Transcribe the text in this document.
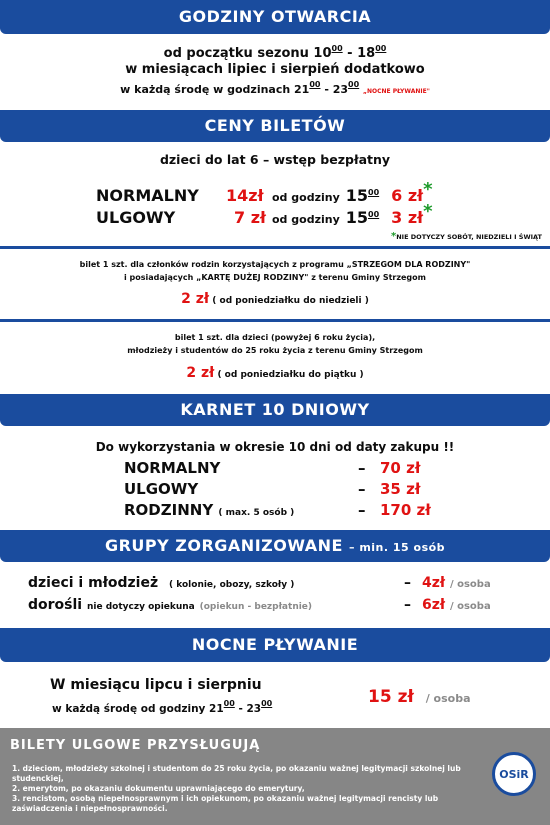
GODZINY OTWARCIA
od początku sezonu $10^{00} - 18^{00}$
w miesiącach lipiec i sierpień dodatkowo
w każdą środę w godzinach $21^{00} - 23^{00}$ „NOCNE PŁYWANIE"
CENY BILETÓW
dzieci do lat 6 – wstęp bezpłatny
NORMALNY 14zł od godziny $15^{00}$ 6 zł*
ULGOWY	7 zł od godziny $15^{00}$ 3 zł*
*NIE DOTYCZY SOBÓT, NIEDZIELI I ŚWIĄT
bilet 1 szt. dla członków rodzin korzystających z programu „STRZEGOM DLA RODZINY"
i posiadających „KARTĘ DUŻEJ RODZINY" z terenu Gminy Strzegom
2 zł ( od poniedziałku do niedzieli )
bilet 1 szt. dla dzieci (powyżej 6 roku życia),
młodzieży i studentów do 25 roku życia z terenu Gminy Strzegom
2 zł ( od poniedziałku do piątku )
KARNET 10 DNIOWY
Do wykorzystania w okresie 10 dni od daty zakupu !!
NORMALNY	– 70 zł
ULGOWY	– 35 zł
RODZINNY ( max. 5 osób )	– 170 zł
GRUPY ZORGANIZOWANE – min. 15 osób
dzieci i młodzież ( kolonie, obozy, szkoły )	– 4zł / osoba
dorośli nie dotyczy opiekuna (opiekun - bezpłatnie)	– 6zł / osoba
NOCNE PŁYWANIE
W miesiącu lipcu i sierpniu
w każdą środę od godziny $21^{00} - 23^{00}$	15 zł / osoba
BILETY ULGOWE PRZYSŁUGUJĄ
1. dzieciom, młodzieży szkolnej i studentom do 25 roku życia, po okazaniu ważnej legitymacji szkolnej lub studenckiej,
2. emerytom, po okazaniu dokumentu uprawniającego do emerytury,
3. rencistom, osobą niepełnosprawnym i ich opiekunom, po okazaniu ważnej legitymacji rencisty lub zaświadczenia i niepełnosprawności.
OSiR
